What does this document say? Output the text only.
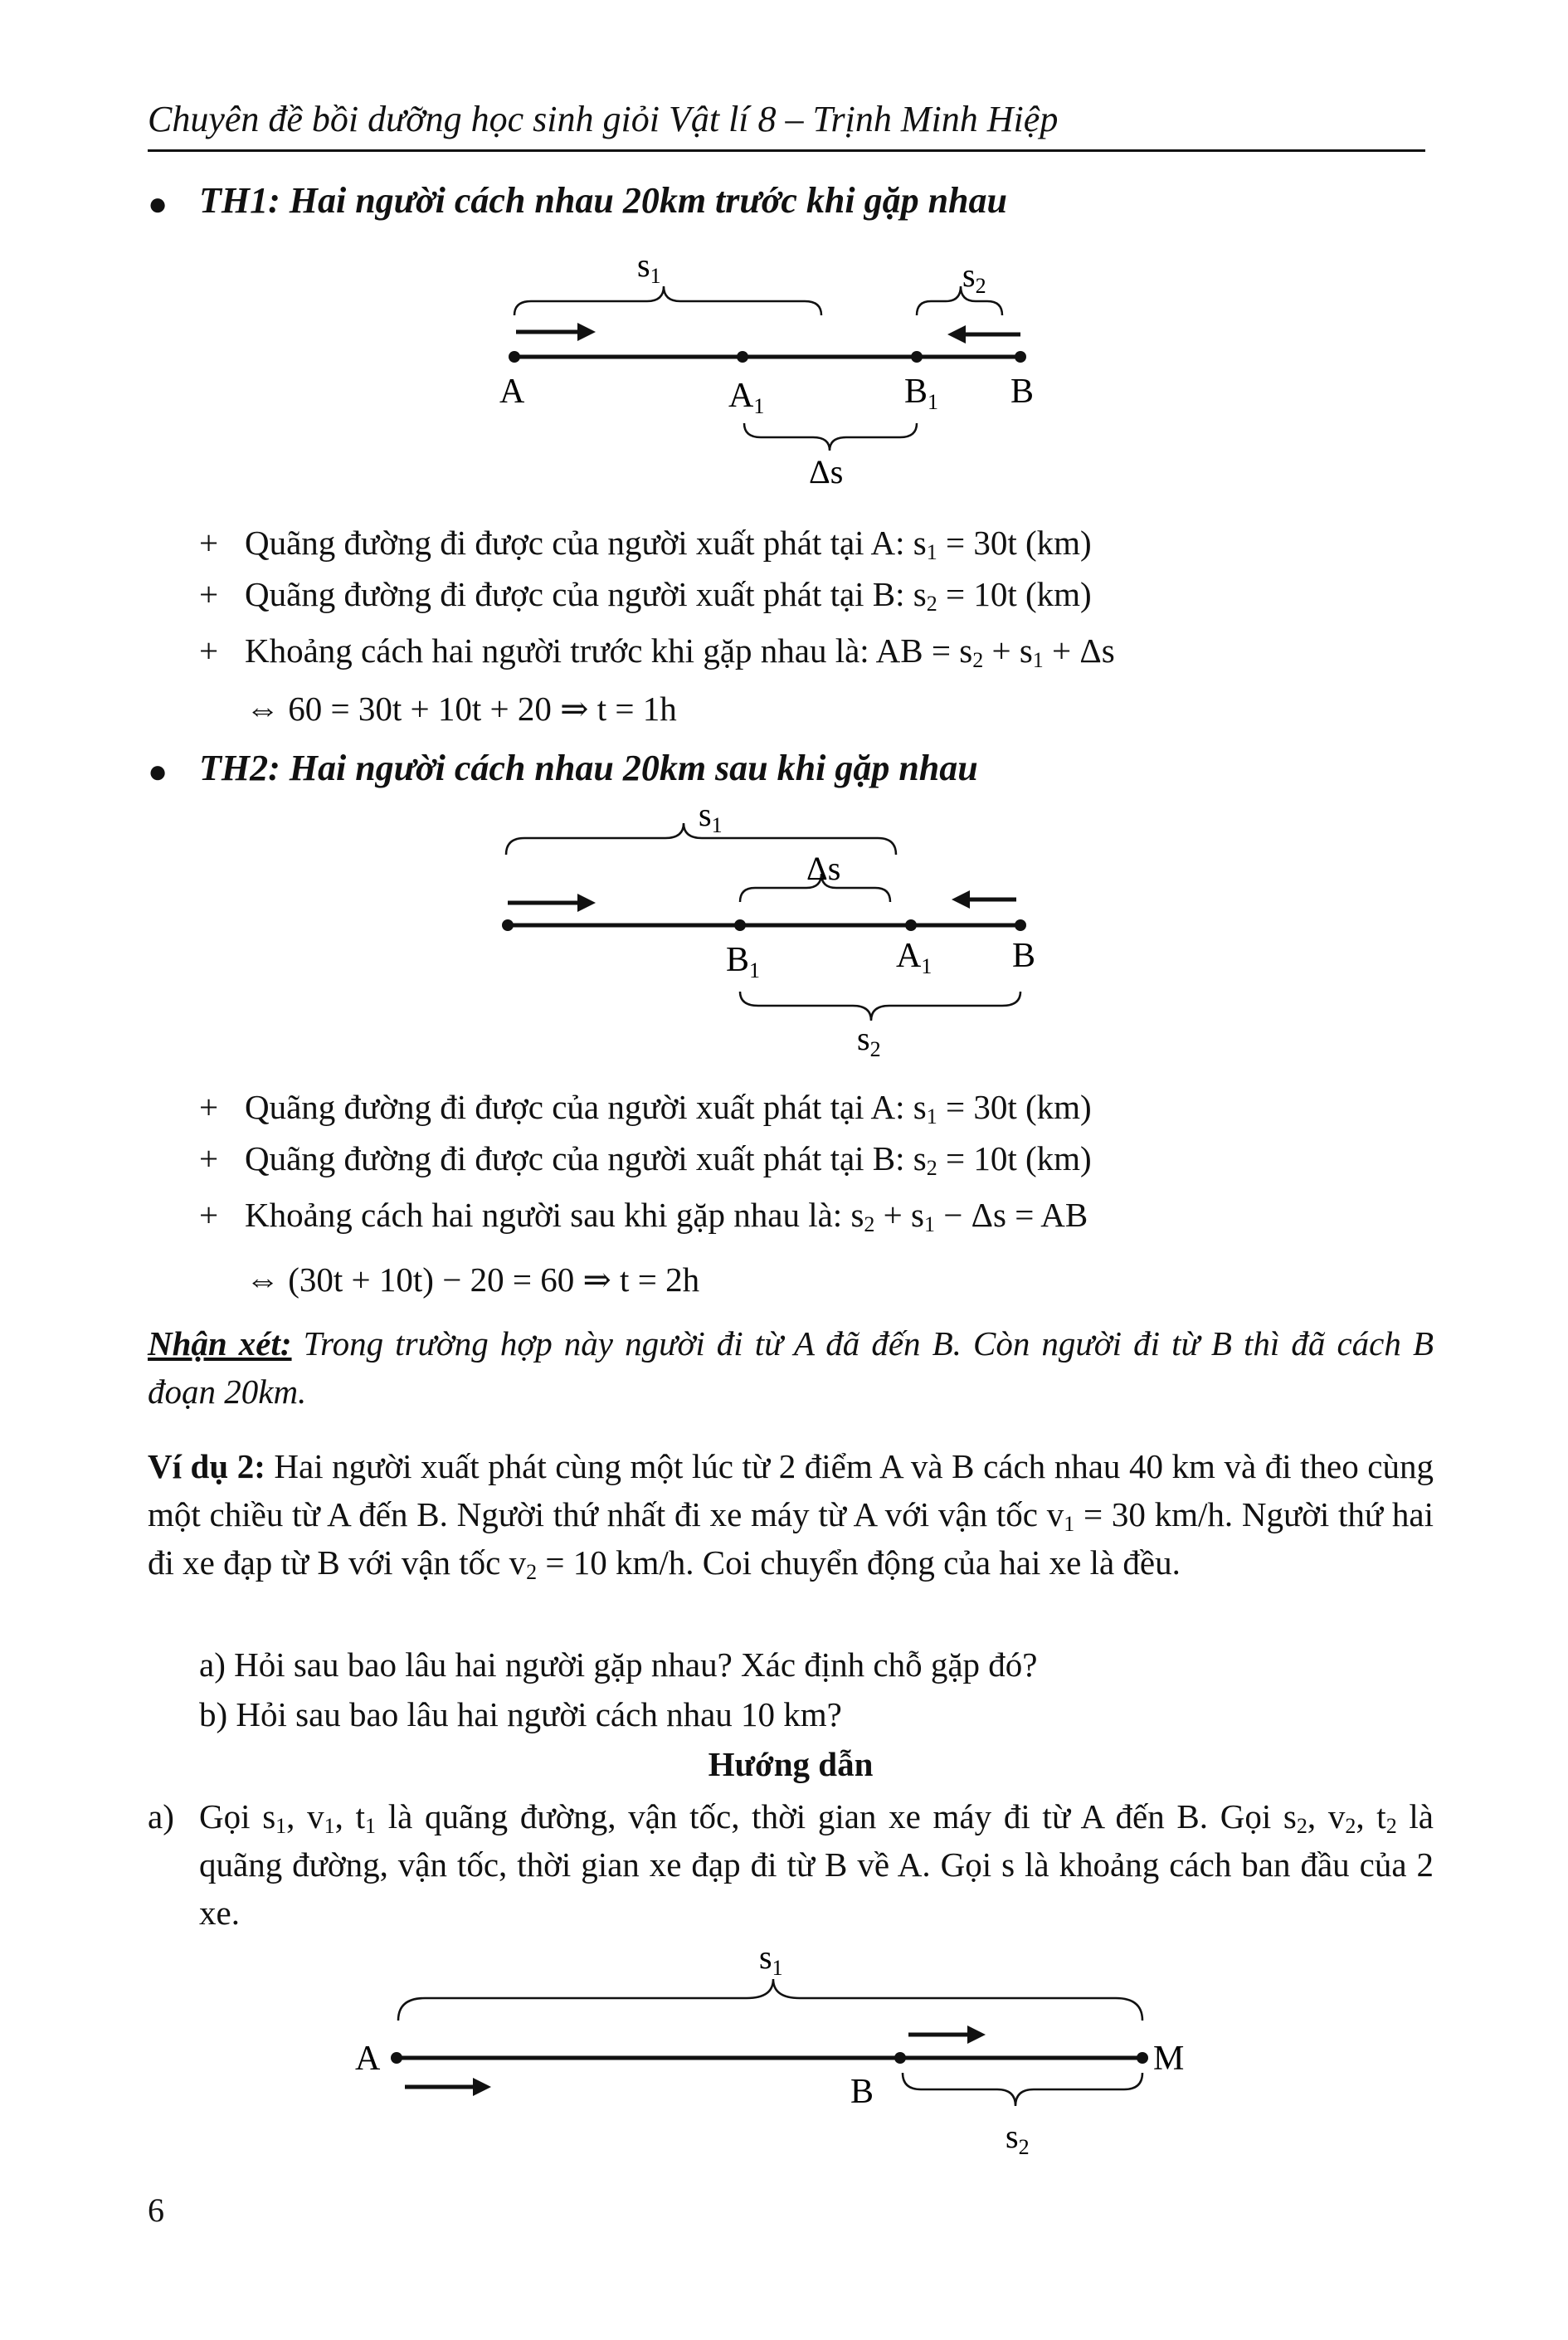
Chuyên đề bồi dưỡng học sinh giỏi Vật lí 8 – Trịnh Minh Hiệp
● TH1: Hai người cách nhau 20km trước khi gặp nhau
$s_1$	$s_2$
A	A1	B1 B
Δs
+ Quãng đường đi được của người xuất phát tại A: $s_1 = 30t$ (km)
+ Quãng đường đi được của người xuất phát tại B: $s_2 = 10t$ (km)
+ Khoảng cách hai người trước khi gặp nhau là: AB = $s_2 + s_1 + \Delta s$
⇔ 60 = 30t + 10t + 20 ⇒ t = 1h
● TH2: Hai người cách nhau 20km sau khi gặp nhau
$s_1$
Δs
B1	A1 B
$s_2$
+ Quãng đường đi được của người xuất phát tại A: $s_1 = 30t$ (km)
+ Quãng đường đi được của người xuất phát tại B: $s_2 = 10t$ (km)
+ Khoảng cách hai người sau khi gặp nhau là: $s_2 + s_1 - \Delta s$ = AB
⇔ (30t + 10t) − 20 = 60 ⇒ t = 2h
Nhận xét: Trong trường hợp này người đi từ A đã đến B. Còn người đi từ B thì đã cách B đoạn 20km.
Ví dụ 2: Hai người xuất phát cùng một lúc từ 2 điểm A và B cách nhau 40 km và đi theo cùng một chiều từ A đến B. Người thứ nhất đi xe máy từ A với vận tốc $v_1 = 30$ km/h. Người thứ hai đi xe đạp từ B với vận tốc $v_2 = 10$ km/h. Coi chuyển động của hai xe là đều.
a) Hỏi sau bao lâu hai người gặp nhau? Xác định chỗ gặp đó?
b) Hỏi sau bao lâu hai người cách nhau 10 km?
Hướng dẫn
a) Gọi $s_1$, $v_1$, $t_1$ là quãng đường, vận tốc, thời gian xe máy đi từ A đến B. Gọi $s_2$, $v_2$, $t_2$ là quãng đường, vận tốc, thời gian xe đạp đi từ B về A. Gọi s là khoảng cách ban đầu của 2 xe.
$s_1$
A	M
B
$s_2$
6
